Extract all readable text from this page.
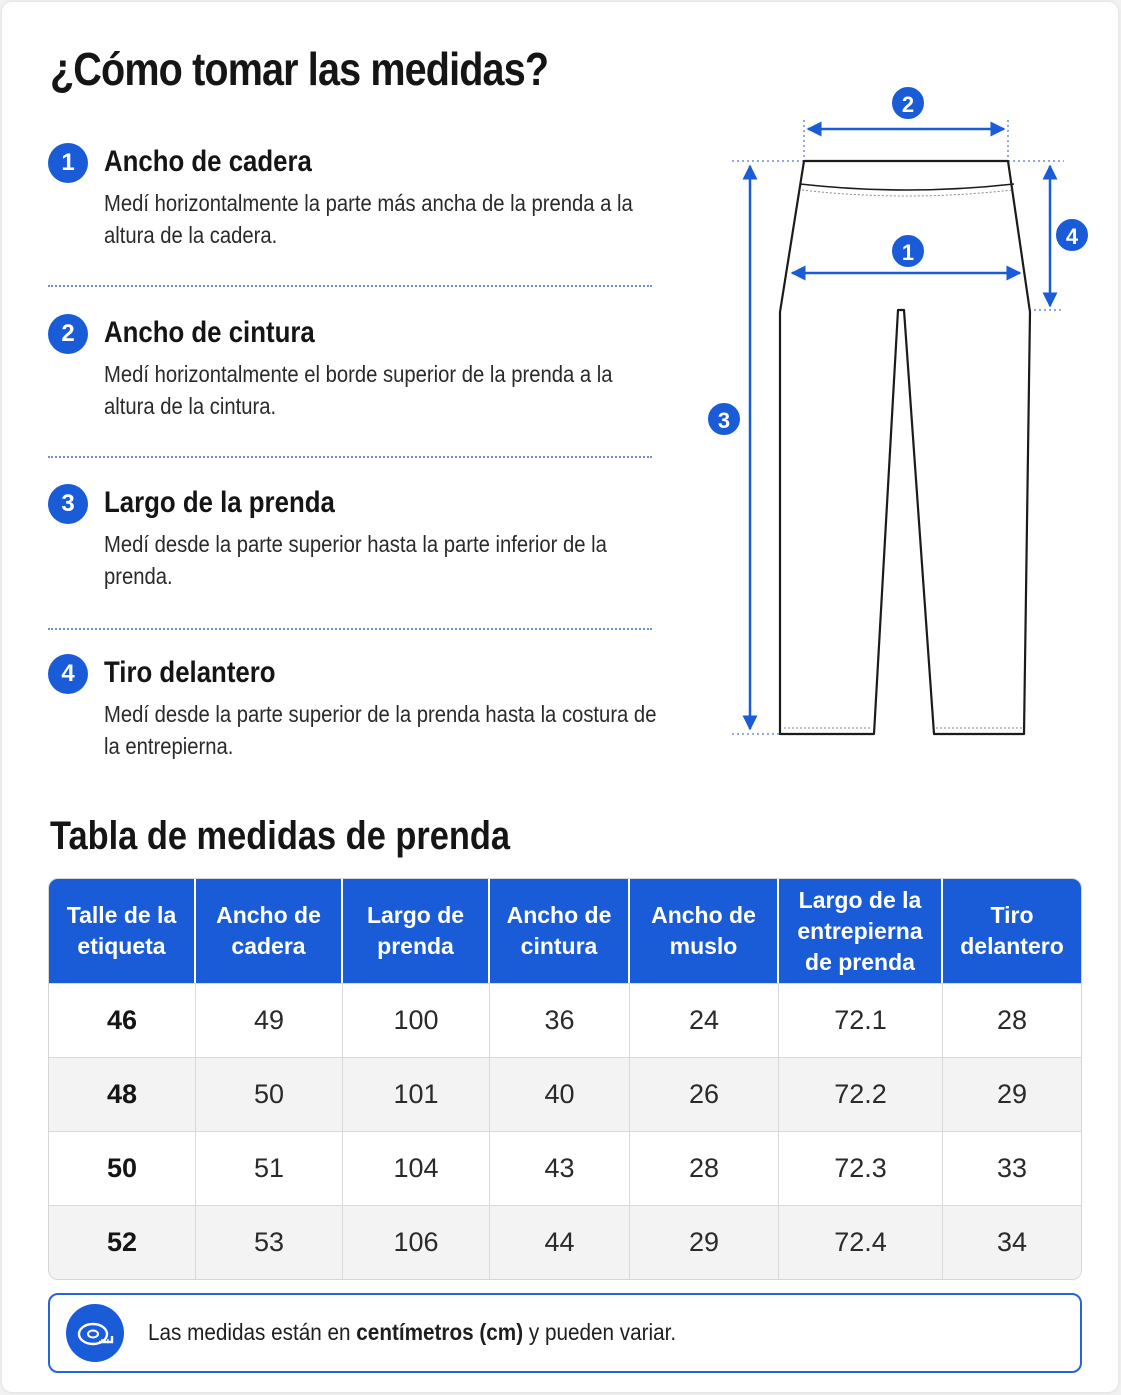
¿Cómo tomar las medidas?
1 Ancho de cadera
Medí horizontalmente la parte más ancha de la prenda a la altura de la cadera.
2 Ancho de cintura
Medí horizontalmente el borde superior de la prenda a la altura de la cintura.
3 Largo de la prenda
Medí desde la parte superior hasta la parte inferior de la prenda.
4 Tiro delantero
Medí desde la parte superior de la prenda hasta la costura de la entrepierna.
2
1
3
4
Tabla de medidas de prenda
Talle de la etiqueta	Ancho de cadera	Largo de prenda	Ancho de cintura	Ancho de muslo	Largo de la entrepierna de prenda	Tiro delantero
46	49	100	36	24	72.1	28
48	50	101	40	26	72.2	29
50	51	104	43	28	72.3	33
52	53	106	44	29	72.4	34
Las medidas están en centímetros (cm) y pueden variar.
